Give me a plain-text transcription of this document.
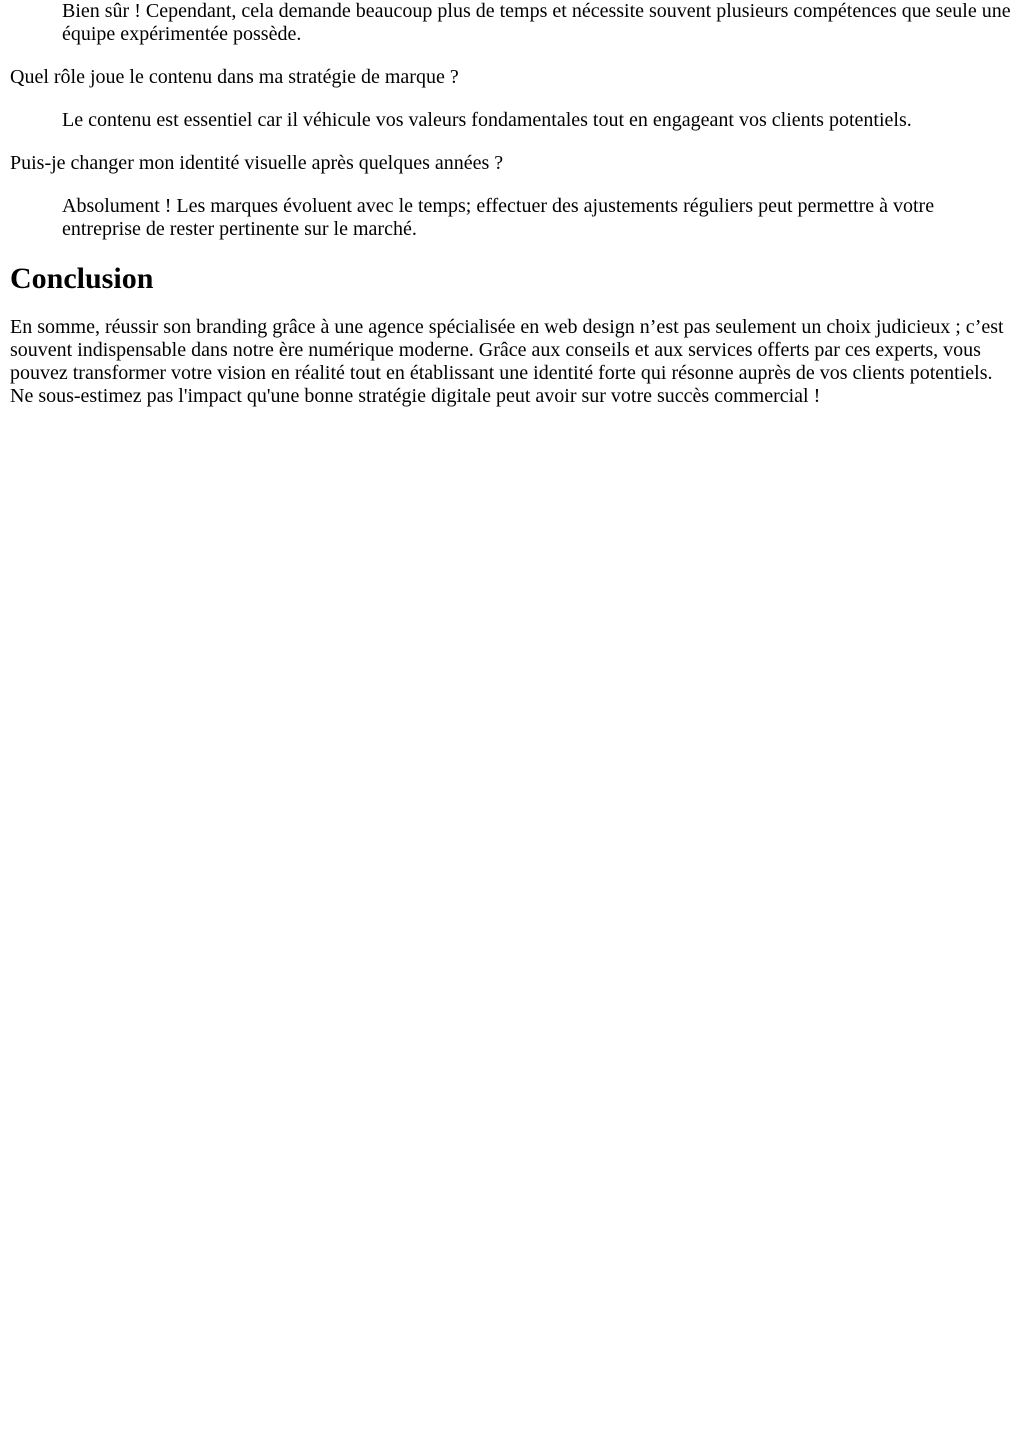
Bien sûr ! Cependant, cela demande beaucoup plus de temps et nécessite souvent plusieurs compétences que seule une équipe expérimentée possède.
Quel rôle joue le contenu dans ma stratégie de marque ?
Le contenu est essentiel car il véhicule vos valeurs fondamentales tout en engageant vos clients potentiels.
Puis-je changer mon identité visuelle après quelques années ?
Absolument ! Les marques évoluent avec le temps; effectuer des ajustements réguliers peut permettre à votre entreprise de rester pertinente sur le marché.
Conclusion

En somme, réussir son branding grâce à une agence spécialisée en web design n’est pas seulement un choix judicieux ; c’est souvent indispensable dans notre ère numérique moderne. Grâce aux conseils et aux services offerts par ces experts, vous pouvez transformer votre vision en réalité tout en établissant une identité forte qui résonne auprès de vos clients potentiels. Ne sous-estimez pas l'impact qu'une bonne stratégie digitale peut avoir sur votre succès commercial !
